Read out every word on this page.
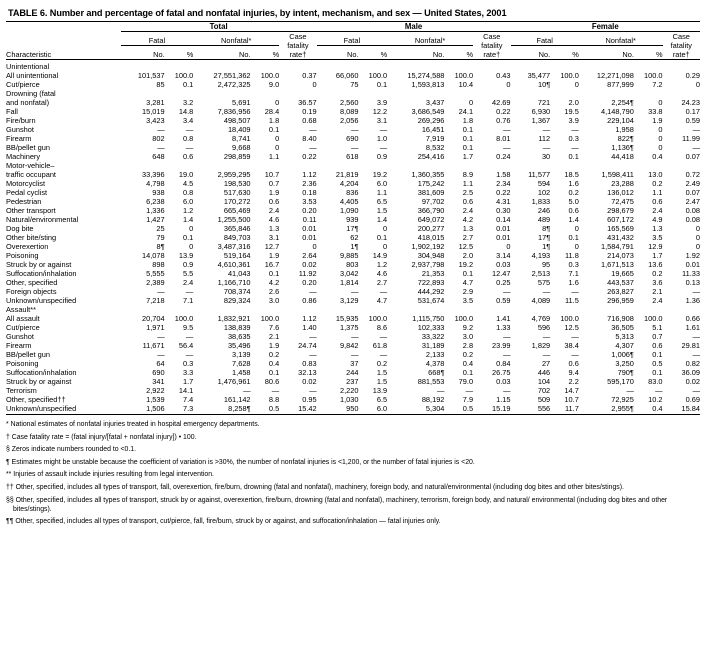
TABLE 6. Number and percentage of fatal and nonfatal injuries, by intent, mechanism, and sex — United States, 2001
	Total					Male					Female				
	Fatal	Nonfatal*	Case
fatality
rate†
	Fatal	Nonfatal*	Case
fatality
rate†
	Fatal	Nonfatal*	Case
fatality
rate†

Characteristic	No.	%	No.	%		No.	%	No.	%		No.	%	No.	%	

Unintentional															
All unintentional	101,537	100.0	27,551,362	100.0	0.37	66,060	100.0	15,274,588	100.0	0.43	35,477	100.0	12,271,098	100.0	0.29
Cut/pierce	85	0.1	2,472,325	9.0	0	75	0.1	1,593,813	10.4	0	10¶	0	877,999	7.2	0
Drowning (fatal															
and nonfatal)	3,281	3.2	5,691	0	36.57	2,560	3.9	3,437	0	42.69	721	2.0	2,254¶	0	24.23
Fall	15,019	14.8	7,836,956	28.4	0.19	8,089	12.2	3,686,549	24.1	0.22	6,930	19.5	4,148,790	33.8	0.17
Fire/burn	3,423	3.4	498,507	1.8	0.68	2,056	3.1	269,296	1.8	0.76	1,367	3.9	229,104	1.9	0.59
Gunshot	—	—	18,409	0.1	—	—	—	16,451	0.1	—	—	—	1,958	0	—
Firearm	802	0.8	8,741	0	8.40	690	1.0	7,919	0.1	8.01	112	0.3	822¶	0	11.99
BB/pellet gun	—	—	9,668	0	—	—	—	8,532	0.1	—	—	—	1,136¶	0	—
Machinery	648	0.6	298,859	1.1	0.22	618	0.9	254,416	1.7	0.24	30	0.1	44,418	0.4	0.07
Motor-vehicle–															
traffic occupant	33,396	19.0	2,959,295	10.7	1.12	21,819	19.2	1,360,355	8.9	1.58	11,577	18.5	1,598,411	13.0	0.72
Motorcyclist	4,798	4.5	198,530	0.7	2.36	4,204	6.0	175,242	1.1	2.34	594	1.6	23,288	0.2	2.49
Pedal cyclist	938	0.8	517,630	1.9	0.18	836	1.1	381,609	2.5	0.22	102	0.2	136,012	1.1	0.07
Pedestrian	6,238	6.0	170,272	0.6	3.53	4,405	6.5	97,702	0.6	4.31	1,833	5.0	72,475	0.6	2.47
Other transport	1,336	1.2	665,469	2.4	0.20	1,090	1.5	366,790	2.4	0.30	246	0.6	298,679	2.4	0.08
Natural/environmental	1,427	1.4	1,255,500	4.6	0.11	939	1.4	649,072	4.2	0.14	489	1.4	607,172	4.9	0.08
Dog bite	25	0	365,846	1.3	0.01	17¶	0	200,277	1.3	0.01	8¶	0	165,569	1.3	0
Other bite/sting	79	0.1	849,703	3.1	0.01	62	0.1	418,015	2.7	0.01	17¶	0.1	431,432	3.5	0
Overexertion	8¶	0	3,487,316	12.7	0	1¶	0	1,902,192	12.5	0	1¶	0	1,584,791	12.9	0
Poisoning	14,078	13.9	519,164	1.9	2.64	9,885	14.9	304,948	2.0	3.14	4,193	11.8	214,073	1.7	1.92
Struck by or against	898	0.9	4,610,361	16.7	0.02	803	1.2	2,937,798	19.2	0.03	95	0.3	1,671,513	13.6	0.01
Suffocation/inhalation	5,555	5.5	41,043	0.1	11.92	3,042	4.6	21,353	0.1	12.47	2,513	7.1	19,665	0.2	11.33
Other, specified	2,389	2.4	1,166,710	4.2	0.20	1,814	2.7	722,893	4.7	0.25	575	1.6	443,537	3.6	0.13
Foreign objects	—	—	708,374	2.6	—	—	—	444,292	2.9	—	—	—	263,827	2.1	—
Unknown/unspecified	7,218	7.1	829,324	3.0	0.86	3,129	4.7	531,674	3.5	0.59	4,089	11.5	296,959	2.4	1.36
Assault**															
All assault	20,704	100.0	1,832,921	100.0	1.12	15,935	100.0	1,115,750	100.0	1.41	4,769	100.0	716,908	100.0	0.66
Cut/pierce	1,971	9.5	138,839	7.6	1.40	1,375	8.6	102,333	9.2	1.33	596	12.5	36,505	5.1	1.61
Gunshot	—	—	38,635	2.1	—	—	—	33,322	3.0	—	—	—	5,313	0.7	—
Firearm	11,671	56.4	35,496	1.9	24.74	9,842	61.8	31,189	2.8	23.99	1,829	38.4	4,307	0.6	29.81
BB/pellet gun	—	—	3,139	0.2	—	—	—	2,133	0.2	—	—	—	1,006¶	0.1	—
Poisoning	64	0.3	7,628	0.4	0.83	37	0.2	4,378	0.4	0.84	27	0.6	3,250	0.5	0.82
Suffocation/inhalation	690	3.3	1,458	0.1	32.13	244	1.5	668¶	0.1	26.75	446	9.4	790¶	0.1	36.09
Struck by or against	341	1.7	1,476,961	80.6	0.02	237	1.5	881,553	79.0	0.03	104	2.2	595,170	83.0	0.02
Terrorism	2,922	14.1	—	—	—	2,220	13.9	—	—	—	702	14.7	—	—	—
Other, specified††	1,539	7.4	161,142	8.8	0.95	1,030	6.5	88,192	7.9	1.15	509	10.7	72,925	10.2	0.69
Unknown/unspecified	1,506	7.3	8,258¶	0.5	15.42	950	6.0	5,304	0.5	15.19	556	11.7	2,955¶	0.4	15.84

* National estimates of nonfatal injuries treated in hospital emergency departments.

† Case fatality rate = (fatal injury/[fatal + nonfatal injury]) • 100.

§ Zeros indicate numbers rounded to <0.1.

¶ Estimates might be unstable because the coefficient of variation is >30%, the number of nonfatal injuries is <1,200, or the number of fatal injuries is <20.

** Injuries of assault include injuries resulting from legal intervention.

†† Other, specified, includes all types of transport, fall, overexertion, fire/burn, drowning (fatal and nonfatal), machinery, foreign body, and natural/environmental (including dog bites and other bites/stings).

§§ Other, specified, includes all types of transport, struck by or against, overexertion, fire/burn, drowning (fatal and nonfatal), machinery, terrorism, foreign body, and natural/ environmental (including dog bites and other bites/stings).

¶¶ Other, specified, includes all types of transport, cut/pierce, fall, fire/burn, struck by or against, and suffocation/inhalation — fatal injuries only.
